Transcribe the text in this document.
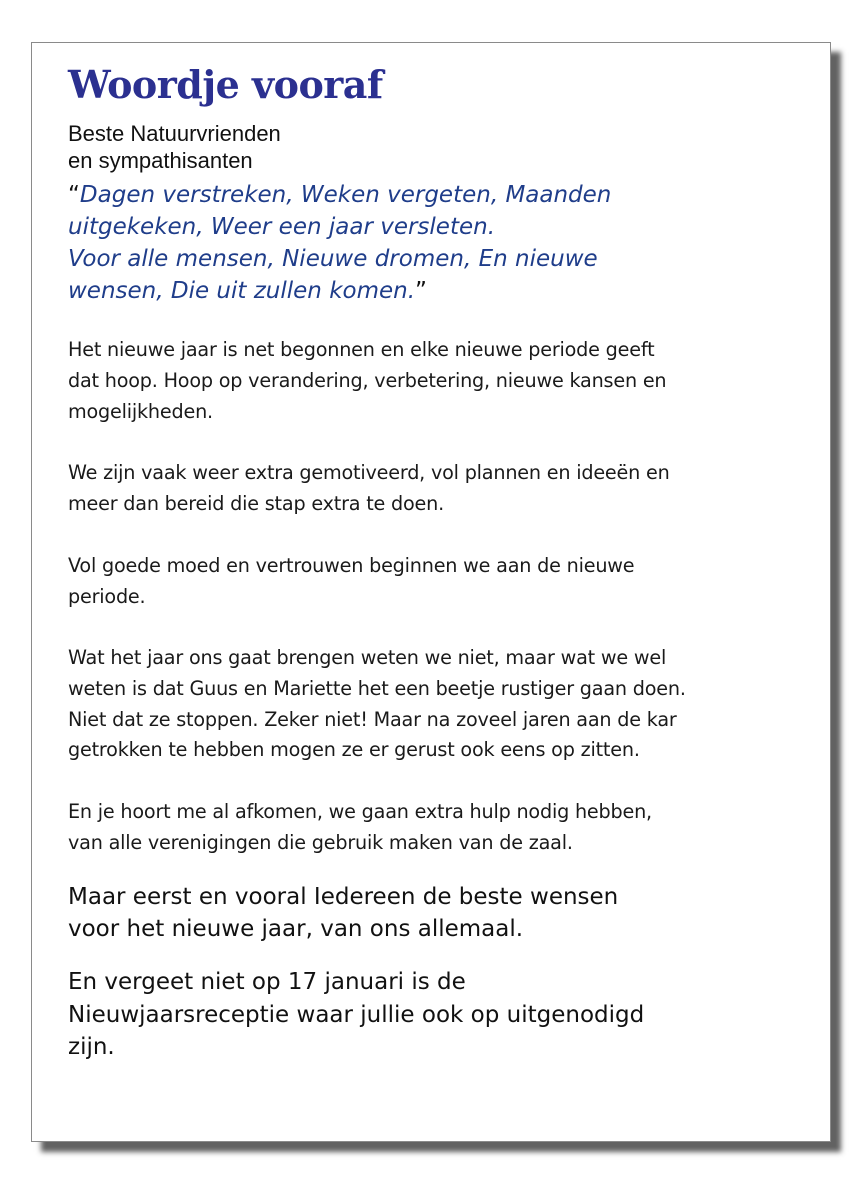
Woordje vooraf
Beste Natuurvrienden
en sympathisanten
“Dagen verstreken, Weken vergeten, Maanden
uitgekeken, Weer een jaar versleten.
Voor alle mensen, Nieuwe dromen, En nieuwe
wensen, Die uit zullen komen.”
Het nieuwe jaar is net begonnen en elke nieuwe periode geeft
dat hoop. Hoop op verandering, verbetering, nieuwe kansen en
mogelijkheden.
We zijn vaak weer extra gemotiveerd, vol plannen en ideeën en
meer dan bereid die stap extra te doen.
Vol goede moed en vertrouwen beginnen we aan de nieuwe
periode.
Wat het jaar ons gaat brengen weten we niet, maar wat we wel
weten is dat Guus en Mariette het een beetje rustiger gaan doen.
Niet dat ze stoppen. Zeker niet! Maar na zoveel jaren aan de kar
getrokken te hebben mogen ze er gerust ook eens op zitten.
En je hoort me al afkomen, we gaan extra hulp nodig hebben,
van alle verenigingen die gebruik maken van de zaal.
Maar eerst en vooral Iedereen de beste wensen
voor het nieuwe jaar, van ons allemaal.
En vergeet niet op 17 januari is de
Nieuwjaarsreceptie waar jullie ook op uitgenodigd
zijn.
